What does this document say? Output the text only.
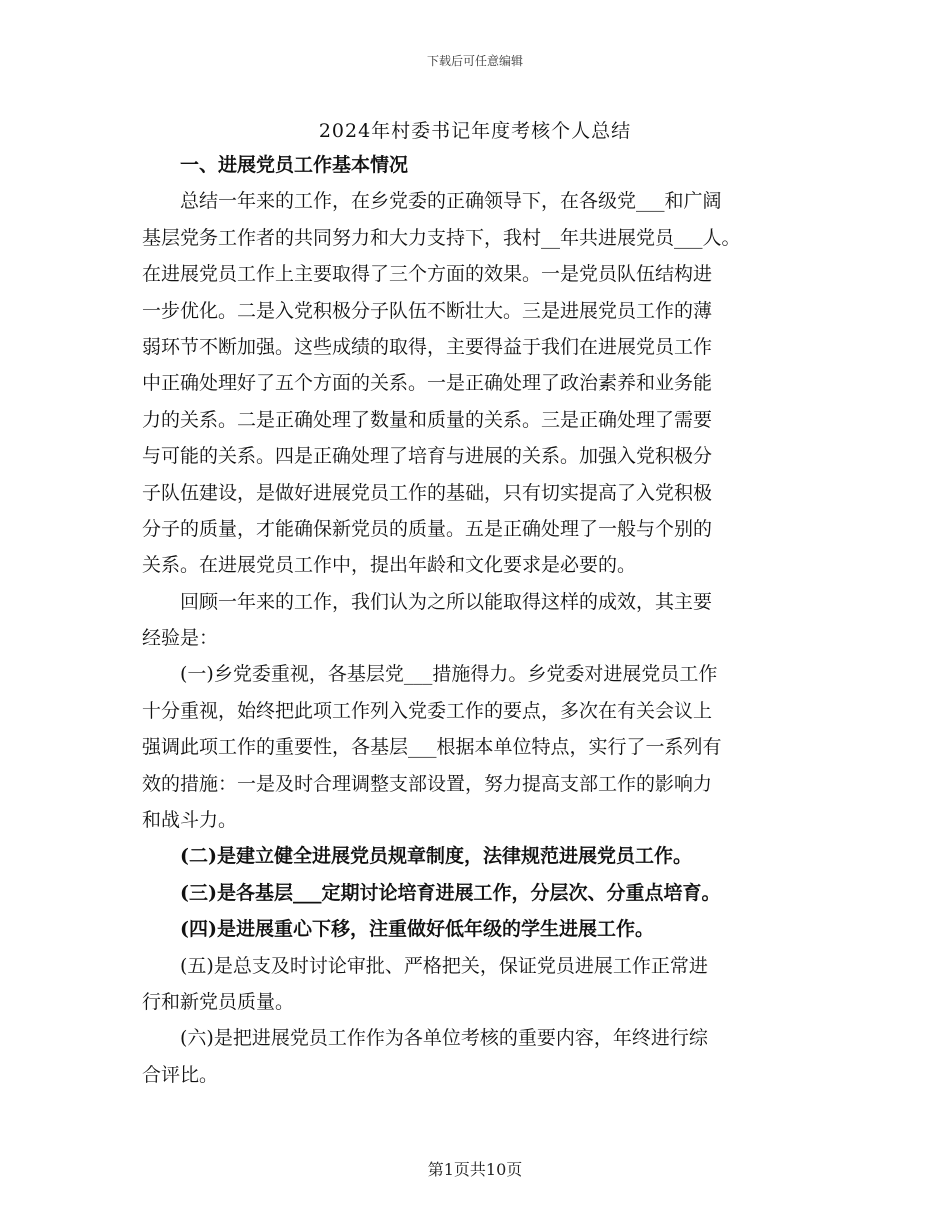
下载后可任意编辑
2024年村委书记年度考核个人总结
一、进展党员工作基本情况
总结一年来的工作，在乡党委的正确领导下，在各级党___和广阔
基层党务工作者的共同努力和大力支持下，我村__年共进展党员___人。
在进展党员工作上主要取得了三个方面的效果。一是党员队伍结构进
一步优化。二是入党积极分子队伍不断壮大。三是进展党员工作的薄
弱环节不断加强。这些成绩的取得，主要得益于我们在进展党员工作
中正确处理好了五个方面的关系。一是正确处理了政治素养和业务能
力的关系。二是正确处理了数量和质量的关系。三是正确处理了需要
与可能的关系。四是正确处理了培育与进展的关系。加强入党积极分
子队伍建设，是做好进展党员工作的基础，只有切实提高了入党积极
分子的质量，才能确保新党员的质量。五是正确处理了一般与个别的
关系。在进展党员工作中，提出年龄和文化要求是必要的。
回顾一年来的工作，我们认为之所以能取得这样的成效，其主要
经验是：
(一)乡党委重视，各基层党___措施得力。乡党委对进展党员工作
十分重视，始终把此项工作列入党委工作的要点，多次在有关会议上
强调此项工作的重要性，各基层___根据本单位特点，实行了一系列有
效的措施：一是及时合理调整支部设置，努力提高支部工作的影响力
和战斗力。
(二)是建立健全进展党员规章制度，法律规范进展党员工作。
(三)是各基层___定期讨论培育进展工作，分层次、分重点培育。
(四)是进展重心下移，注重做好低年级的学生进展工作。
(五)是总支及时讨论审批、严格把关，保证党员进展工作正常进
行和新党员质量。
(六)是把进展党员工作作为各单位考核的重要内容，年终进行综
合评比。
第1页共10页
